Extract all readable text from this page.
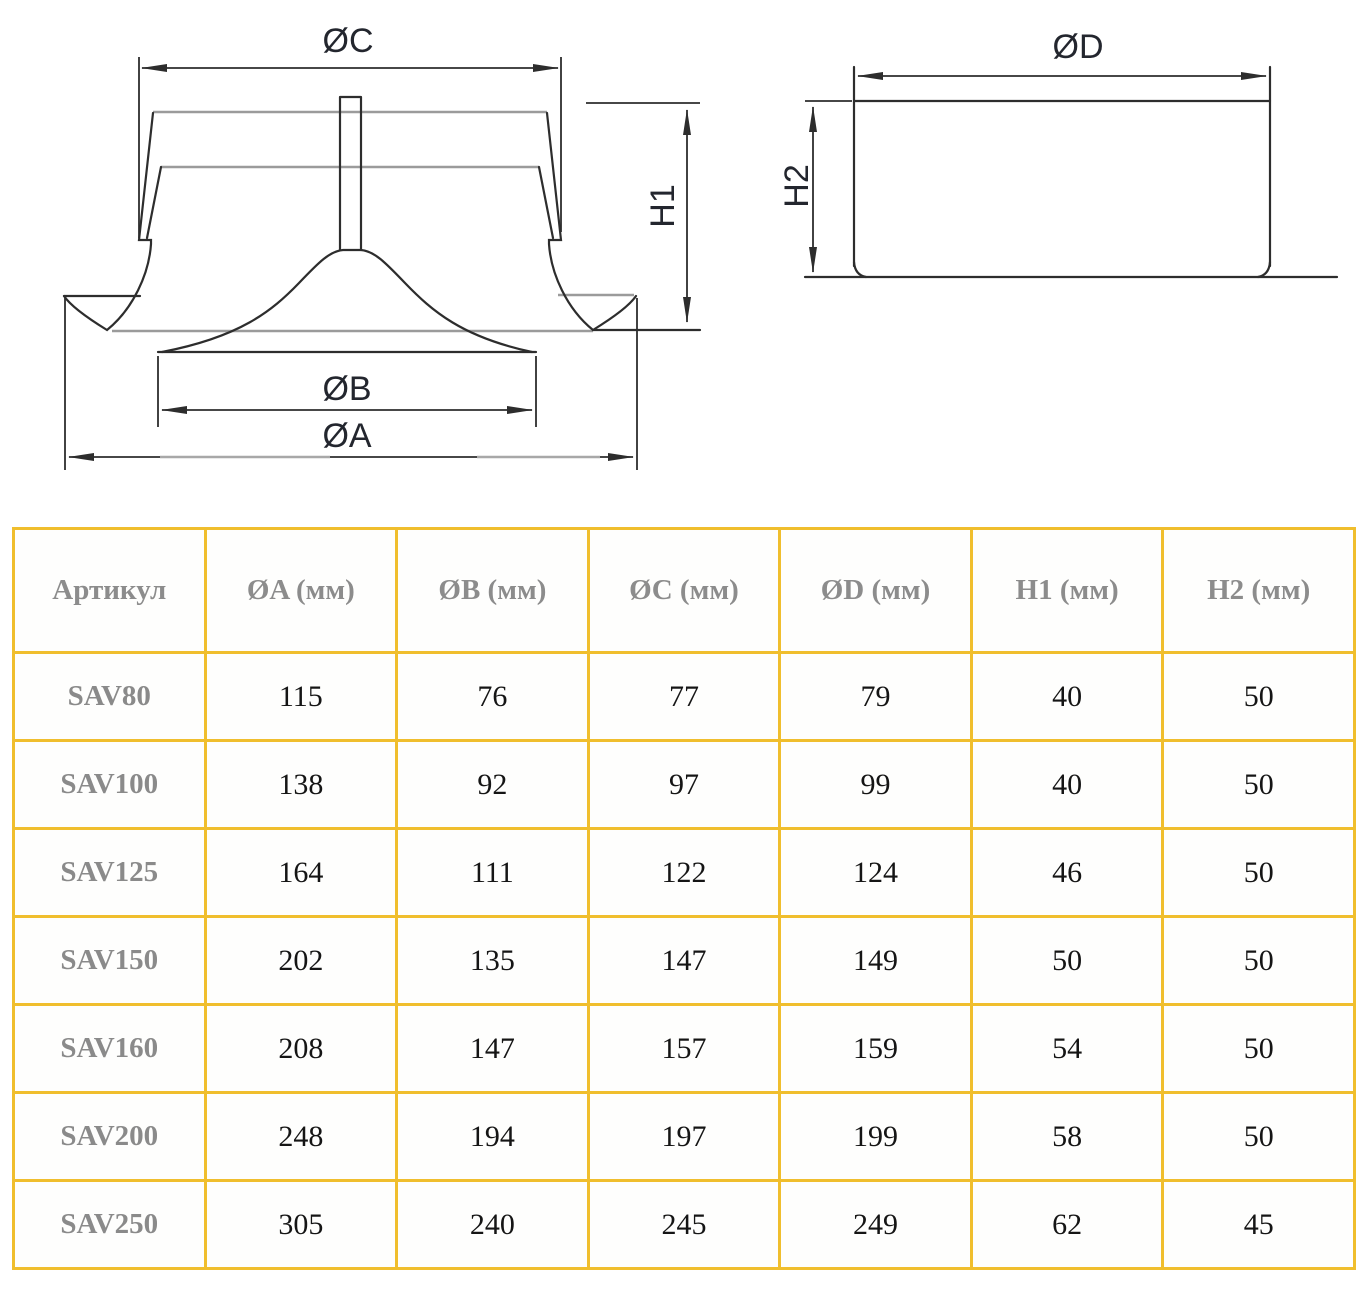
ØC
H1
ØB
ØA
ØD
H2
Артикул	ØA (мм)	ØB (мм)	ØC (мм)	ØD (мм)	H1 (мм)	H2 (мм)
SAV80	115	76	77	79	40	50
SAV100	138	92	97	99	40	50
SAV125	164	111	122	124	46	50
SAV150	202	135	147	149	50	50
SAV160	208	147	157	159	54	50
SAV200	248	194	197	199	58	50
SAV250	305	240	245	249	62	45
